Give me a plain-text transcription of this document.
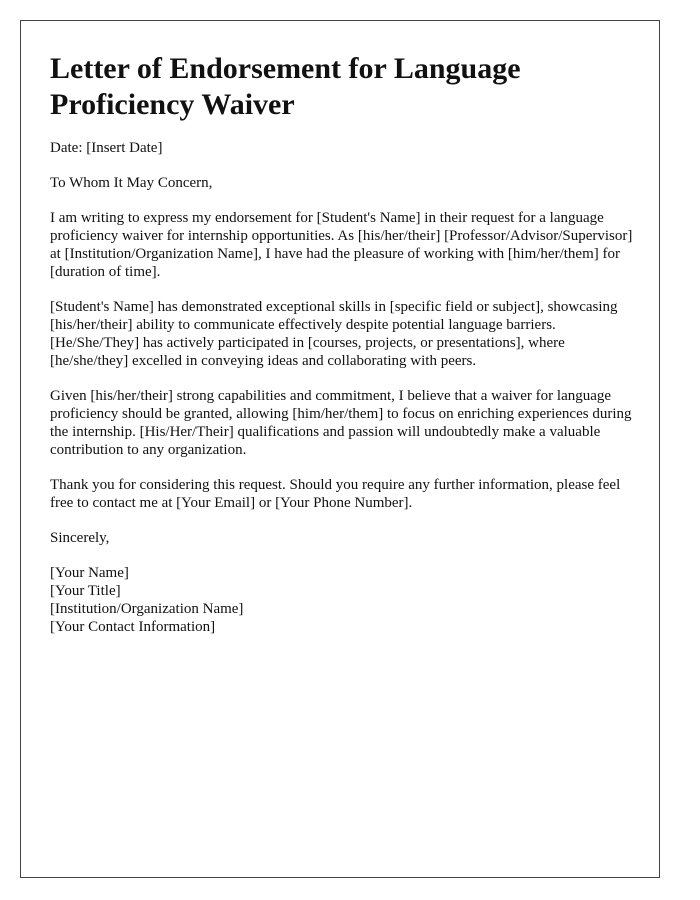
Letter of Endorsement for Language Proficiency Waiver

Date: [Insert Date]

To Whom It May Concern,

I am writing to express my endorsement for [Student's Name] in their request for a language proficiency waiver for internship opportunities. As [his/her/their] [Professor/Advisor/Supervisor] at [Institution/Organization Name], I have had the pleasure of working with [him/her/them] for [duration of time].

[Student's Name] has demonstrated exceptional skills in [specific field or subject], showcasing [his/her/their] ability to communicate effectively despite potential language barriers. [He/She/They] has actively participated in [courses, projects, or presentations], where [he/she/they] excelled in conveying ideas and collaborating with peers.

Given [his/her/their] strong capabilities and commitment, I believe that a waiver for language proficiency should be granted, allowing [him/her/them] to focus on enriching experiences during the internship. [His/Her/Their] qualifications and passion will undoubtedly make a valuable contribution to any organization.

Thank you for considering this request. Should you require any further information, please feel free to contact me at [Your Email] or [Your Phone Number].

Sincerely,

[Your Name]

[Your Title]

[Institution/Organization Name]

[Your Contact Information]
